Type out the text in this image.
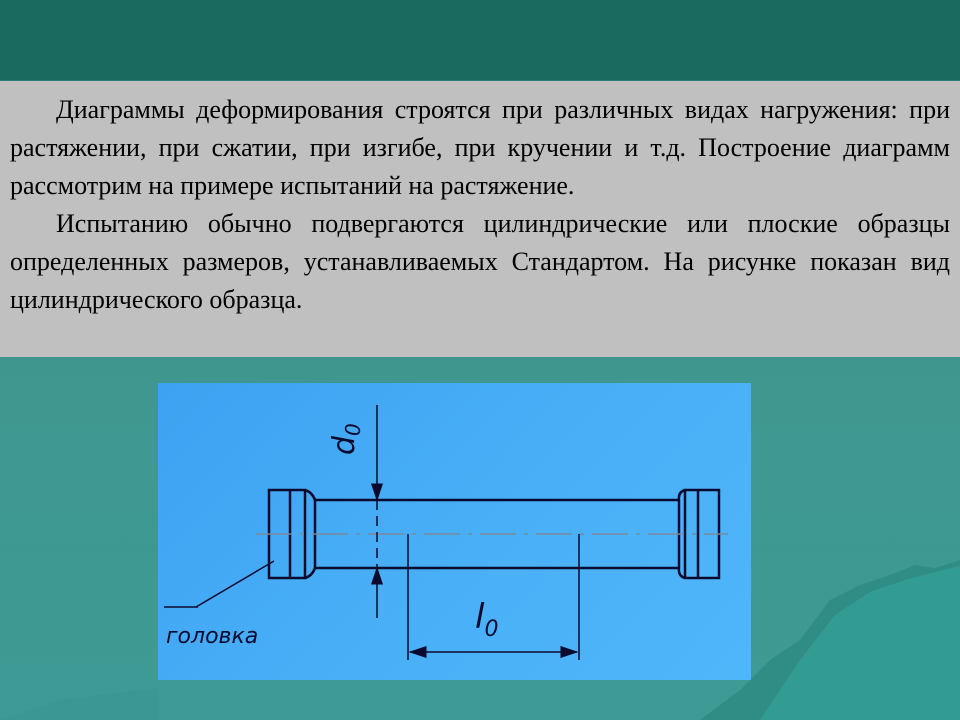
Диаграммы деформирования строятся при различных видах нагружения: при растяжении, при сжатии, при изгибе, при кручении и т.д. Построение диаграмм рассмотрим на примере испытаний на растяжение.

Испытанию обычно подвергаются цилиндрические или плоские образцы определенных размеров, устанавливаемых Стандартом. На рисунке показан вид цилиндрического образца.

$d_0$
$l_0$
головка
